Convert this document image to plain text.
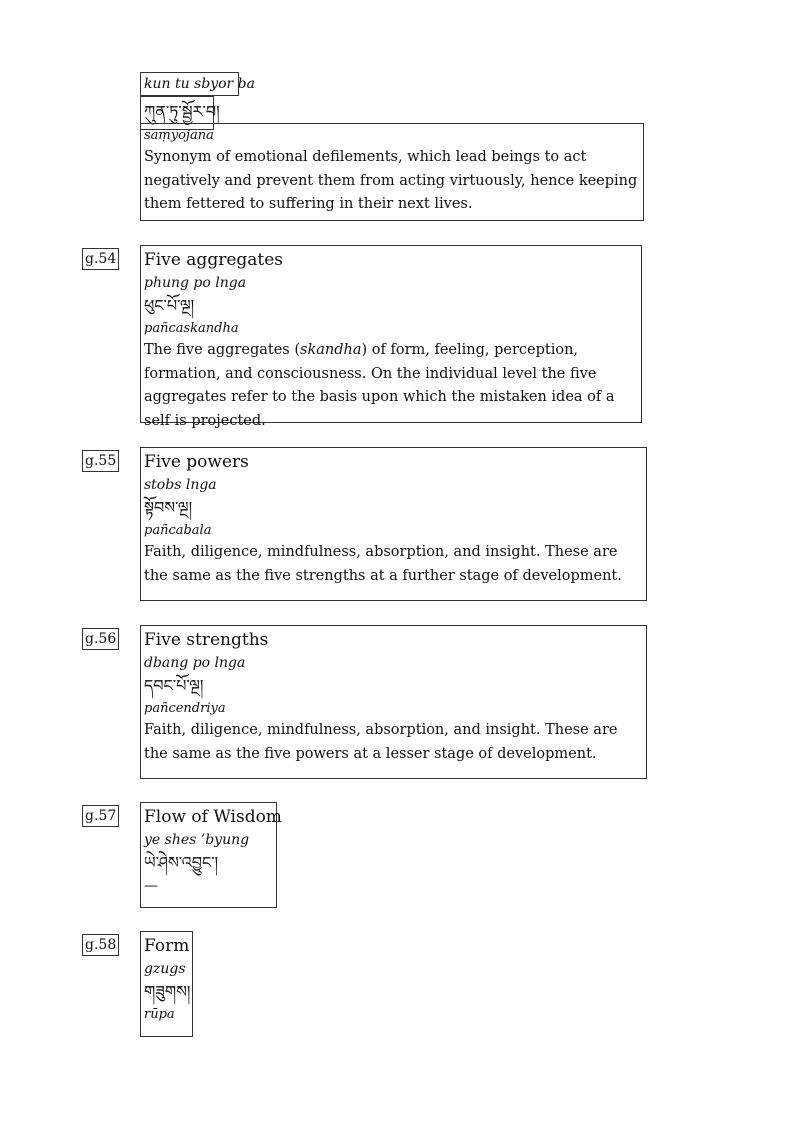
kun tu sbyor ba
ཀུན་ཏུ་སྦྱོར་བ།
saṃyojana
Synonym of emotional defilements, which lead beings to act negatively and prevent them from acting virtuously, hence keeping them fettered to suffering in their next lives.
g.54 Five aggregates
phung po lnga
ཕུང་པོ་ལྔ།
pañcaskandha
The five aggregates (skandha) of form, feeling, perception, formation, and consciousness. On the individual level the five aggregates refer to the basis upon which the mistaken idea of a self is projected.
g.55 Five powers
stobs lnga
སྟོབས་ལྔ།
pañcabala
Faith, diligence, mindfulness, absorption, and insight. These are the same as the five strengths at a further stage of development.
g.56 Five strengths
dbang po lnga
དབང་པོ་ལྔ།
pañcendriya
Faith, diligence, mindfulness, absorption, and insight. These are the same as the five powers at a lesser stage of development.
g.57 Flow of Wisdom
ye shes ’byung
ཡེ་ཤེས་འབྱུང་།
—
g.58 Form
gzugs
གཟུགས།
rūpa
